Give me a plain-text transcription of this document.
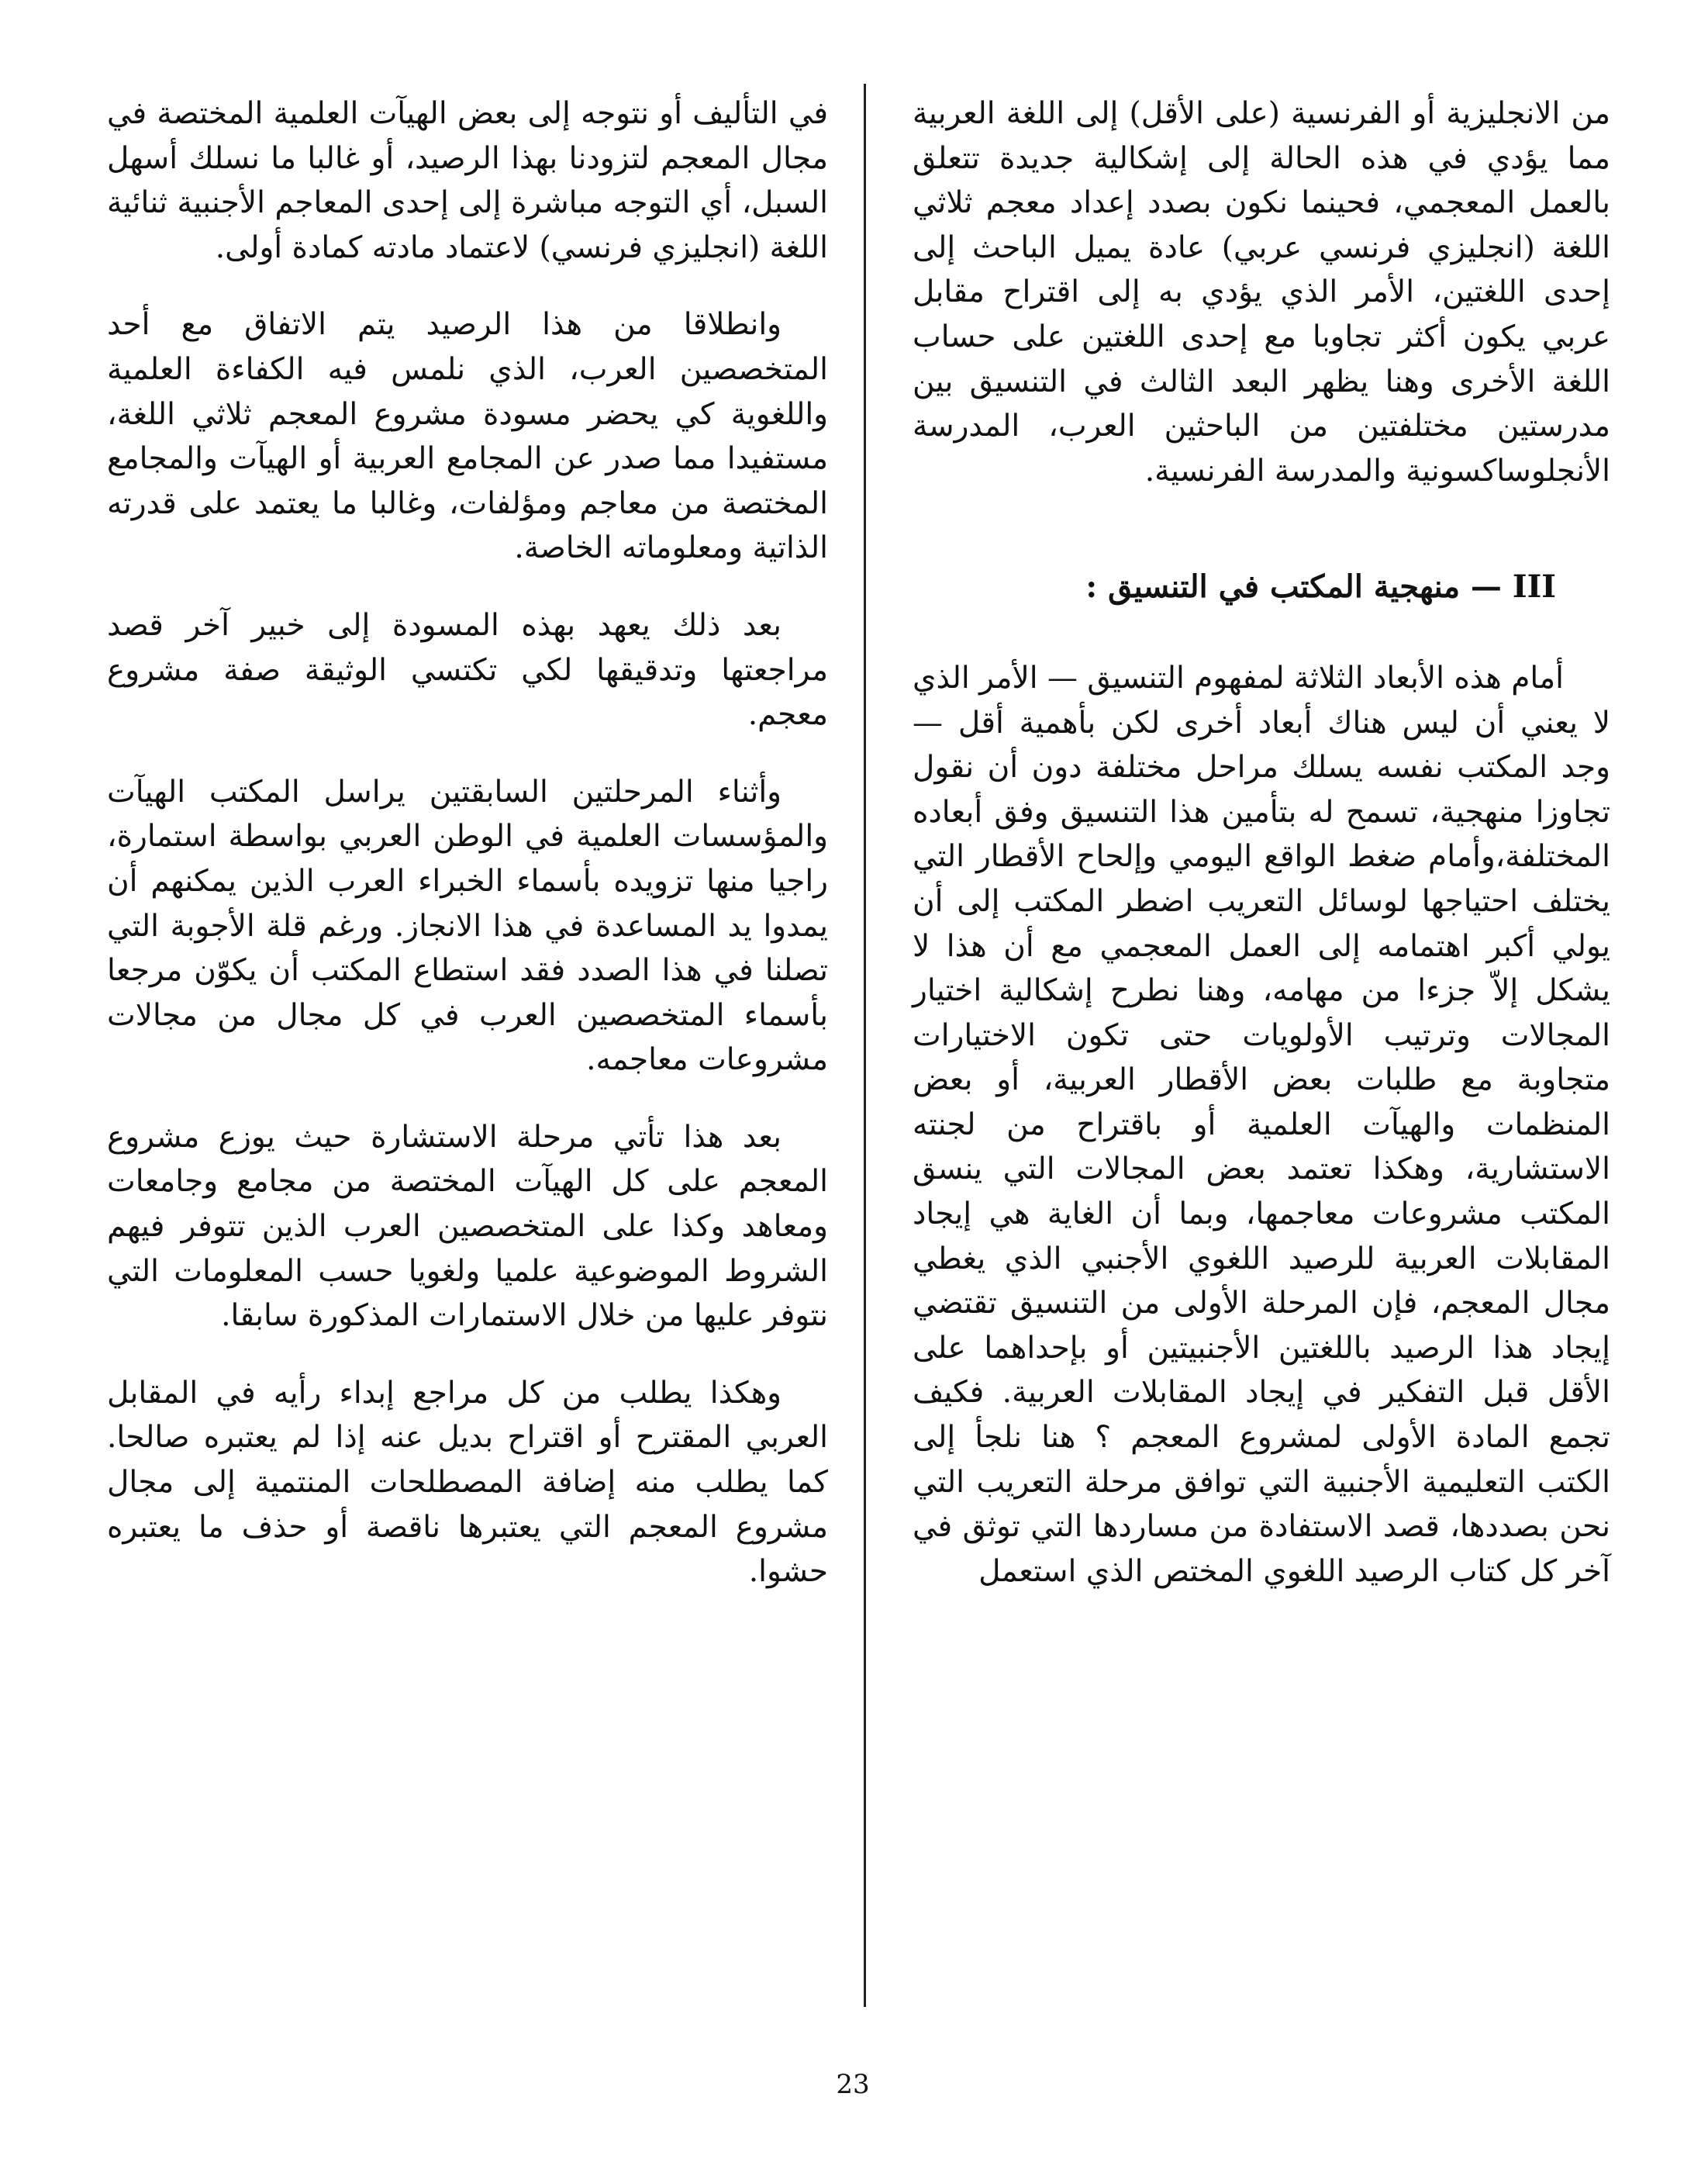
من الانجليزية أو الفرنسية (على الأقل) إلى اللغة العربية مما يؤدي في هذه الحالة إلى إشكالية جديدة تتعلق بالعمل المعجمي، فحينما نكون بصدد إعداد معجم ثلاثي اللغة (انجليزي فرنسي عربي) عادة يميل الباحث إلى إحدى اللغتين، الأمر الذي يؤدي به إلى اقتراح مقابل عربي يكون أكثر تجاوبا مع إحدى اللغتين على حساب اللغة الأخرى وهنا يظهر البعد الثالث في التنسيق بين مدرستين مختلفتين من الباحثين العرب، المدرسة الأنجلوساكسونية والمدرسة الفرنسية.

III — منهجية المكتب في التنسيق :

أمام هذه الأبعاد الثلاثة لمفهوم التنسيق — الأمر الذي لا يعني أن ليس هناك أبعاد أخرى لكن بأهمية أقل — وجد المكتب نفسه يسلك مراحل مختلفة دون أن نقول تجاوزا منهجية، تسمح له بتأمين هذا التنسيق وفق أبعاده المختلفة،وأمام ضغط الواقع اليومي وإلحاح الأقطار التي يختلف احتياجها لوسائل التعريب اضطر المكتب إلى أن يولي أكبر اهتمامه إلى العمل المعجمي مع أن هذا لا يشكل إلاّ جزءا من مهامه، وهنا نطرح إشكالية اختيار المجالات وترتيب الأولويات حتى تكون الاختيارات متجاوبة مع طلبات بعض الأقطار العربية، أو بعض المنظمات والهيآت العلمية أو باقتراح من لجنته الاستشارية، وهكذا تعتمد بعض المجالات التي ينسق المكتب مشروعات معاجمها، وبما أن الغاية هي إيجاد المقابلات العربية للرصيد اللغوي الأجنبي الذي يغطي مجال المعجم، فإن المرحلة الأولى من التنسيق تقتضي إيجاد هذا الرصيد باللغتين الأجنبيتين أو بإحداهما على الأقل قبل التفكير في إيجاد المقابلات العربية. فكيف تجمع المادة الأولى لمشروع المعجم ؟ هنا نلجأ إلى الكتب التعليمية الأجنبية التي توافق مرحلة التعريب التي نحن بصددها، قصد الاستفادة من مساردها التي توثق في آخر كل كتاب الرصيد اللغوي المختص الذي استعمل

في التأليف أو نتوجه إلى بعض الهيآت العلمية المختصة في مجال المعجم لتزودنا بهذا الرصيد، أو غالبا ما نسلك أسهل السبل، أي التوجه مباشرة إلى إحدى المعاجم الأجنبية ثنائية اللغة (انجليزي فرنسي) لاعتماد مادته كمادة أولى.

وانطلاقا من هذا الرصيد يتم الاتفاق مع أحد المتخصصين العرب، الذي نلمس فيه الكفاءة العلمية واللغوية كي يحضر مسودة مشروع المعجم ثلاثي اللغة، مستفيدا مما صدر عن المجامع العربية أو الهيآت والمجامع المختصة من معاجم ومؤلفات، وغالبا ما يعتمد على قدرته الذاتية ومعلوماته الخاصة.

بعد ذلك يعهد بهذه المسودة إلى خبير آخر قصد مراجعتها وتدقيقها لكي تكتسي الوثيقة صفة مشروع معجم.

وأثناء المرحلتين السابقتين يراسل المكتب الهيآت والمؤسسات العلمية في الوطن العربي بواسطة استمارة، راجيا منها تزويده بأسماء الخبراء العرب الذين يمكنهم أن يمدوا يد المساعدة في هذا الانجاز. ورغم قلة الأجوبة التي تصلنا في هذا الصدد فقد استطاع المكتب أن يكوّن مرجعا بأسماء المتخصصين العرب في كل مجال من مجالات مشروعات معاجمه.

بعد هذا تأتي مرحلة الاستشارة حيث يوزع مشروع المعجم على كل الهيآت المختصة من مجامع وجامعات ومعاهد وكذا على المتخصصين العرب الذين تتوفر فيهم الشروط الموضوعية علميا ولغويا حسب المعلومات التي نتوفر عليها من خلال الاستمارات المذكورة سابقا.

وهكذا يطلب من كل مراجع إبداء رأيه في المقابل العربي المقترح أو اقتراح بديل عنه إذا لم يعتبره صالحا. كما يطلب منه إضافة المصطلحات المنتمية إلى مجال مشروع المعجم التي يعتبرها ناقصة أو حذف ما يعتبره حشوا.

23
